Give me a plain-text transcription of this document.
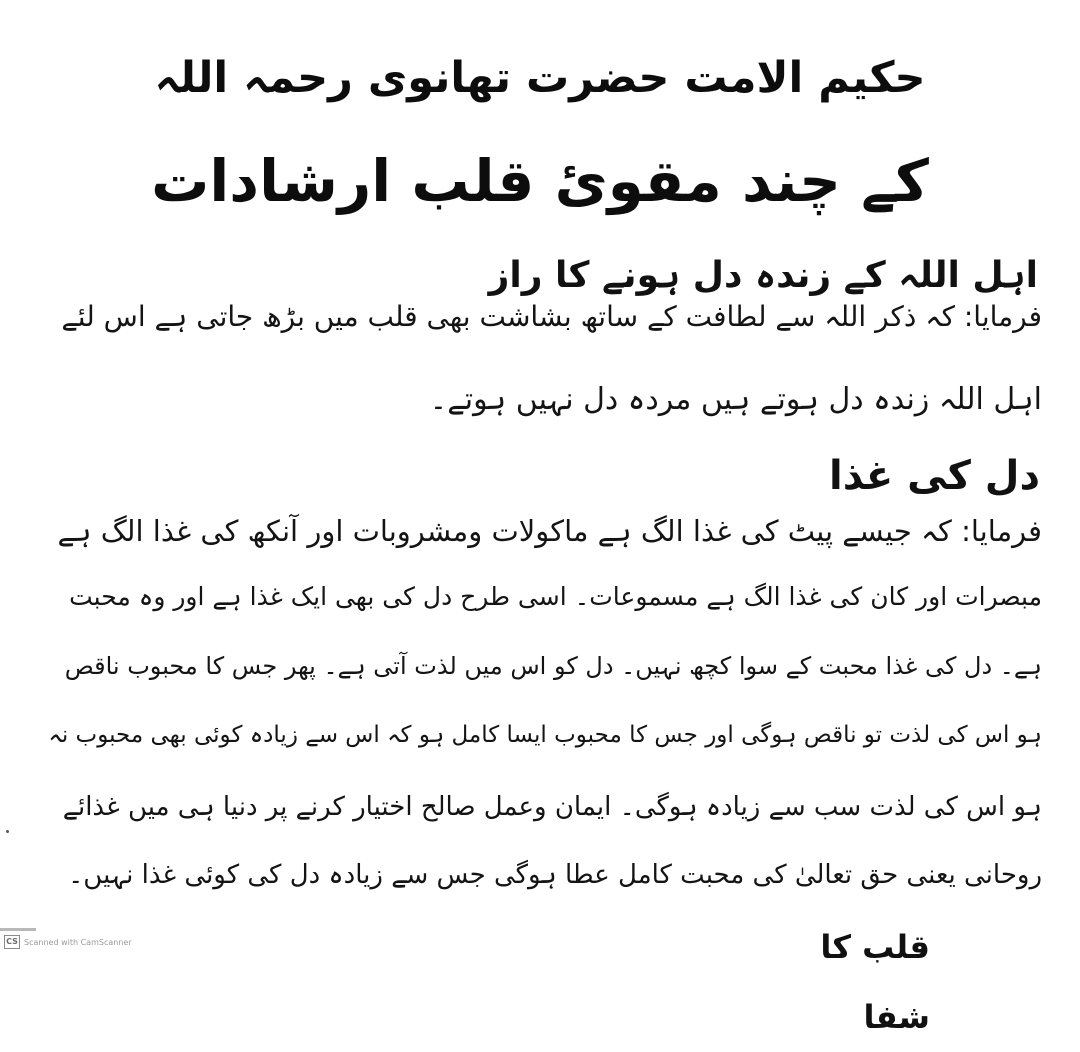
حکیم الامت حضرت تھانوی رحمہ اللہ
کے چند مقویٔ قلب ارشادات
اہل اللہ کے زندہ دل ہونے کا راز
فرمایا: کہ ذکر اللہ سے لطافت کے ساتھ بشاشت بھی قلب میں بڑھ جاتی ہے اس لئے
اہل اللہ زندہ دل ہوتے ہیں مردہ دل نہیں ہوتے۔
دل کی غذا
فرمایا: کہ جیسے پیٹ کی غذا الگ ہے ماکولات ومشروبات اور آنکھ کی غذا الگ ہے
مبصرات اور کان کی غذا الگ ہے مسموعات۔ اسی طرح دل کی بھی ایک غذا ہے اور وہ محبت
ہے۔ دل کی غذا محبت کے سوا کچھ نہیں۔ دل کو اس میں لذت آتی ہے۔ پھر جس کا محبوب ناقص
ہو اس کی لذت تو ناقص ہوگی اور جس کا محبوب ایسا کامل ہو کہ اس سے زیادہ کوئی بھی محبوب نہ
ہو اس کی لذت سب سے زیادہ ہوگی۔ ایمان وعمل صالح اختیار کرنے پر دنیا ہی میں غذائے
روحانی یعنی حق تعالیٰ کی محبت کامل عطا ہوگی جس سے زیادہ دل کی کوئی غذا نہیں۔
قلب کا شفا
CS Scanned with CamScanner
